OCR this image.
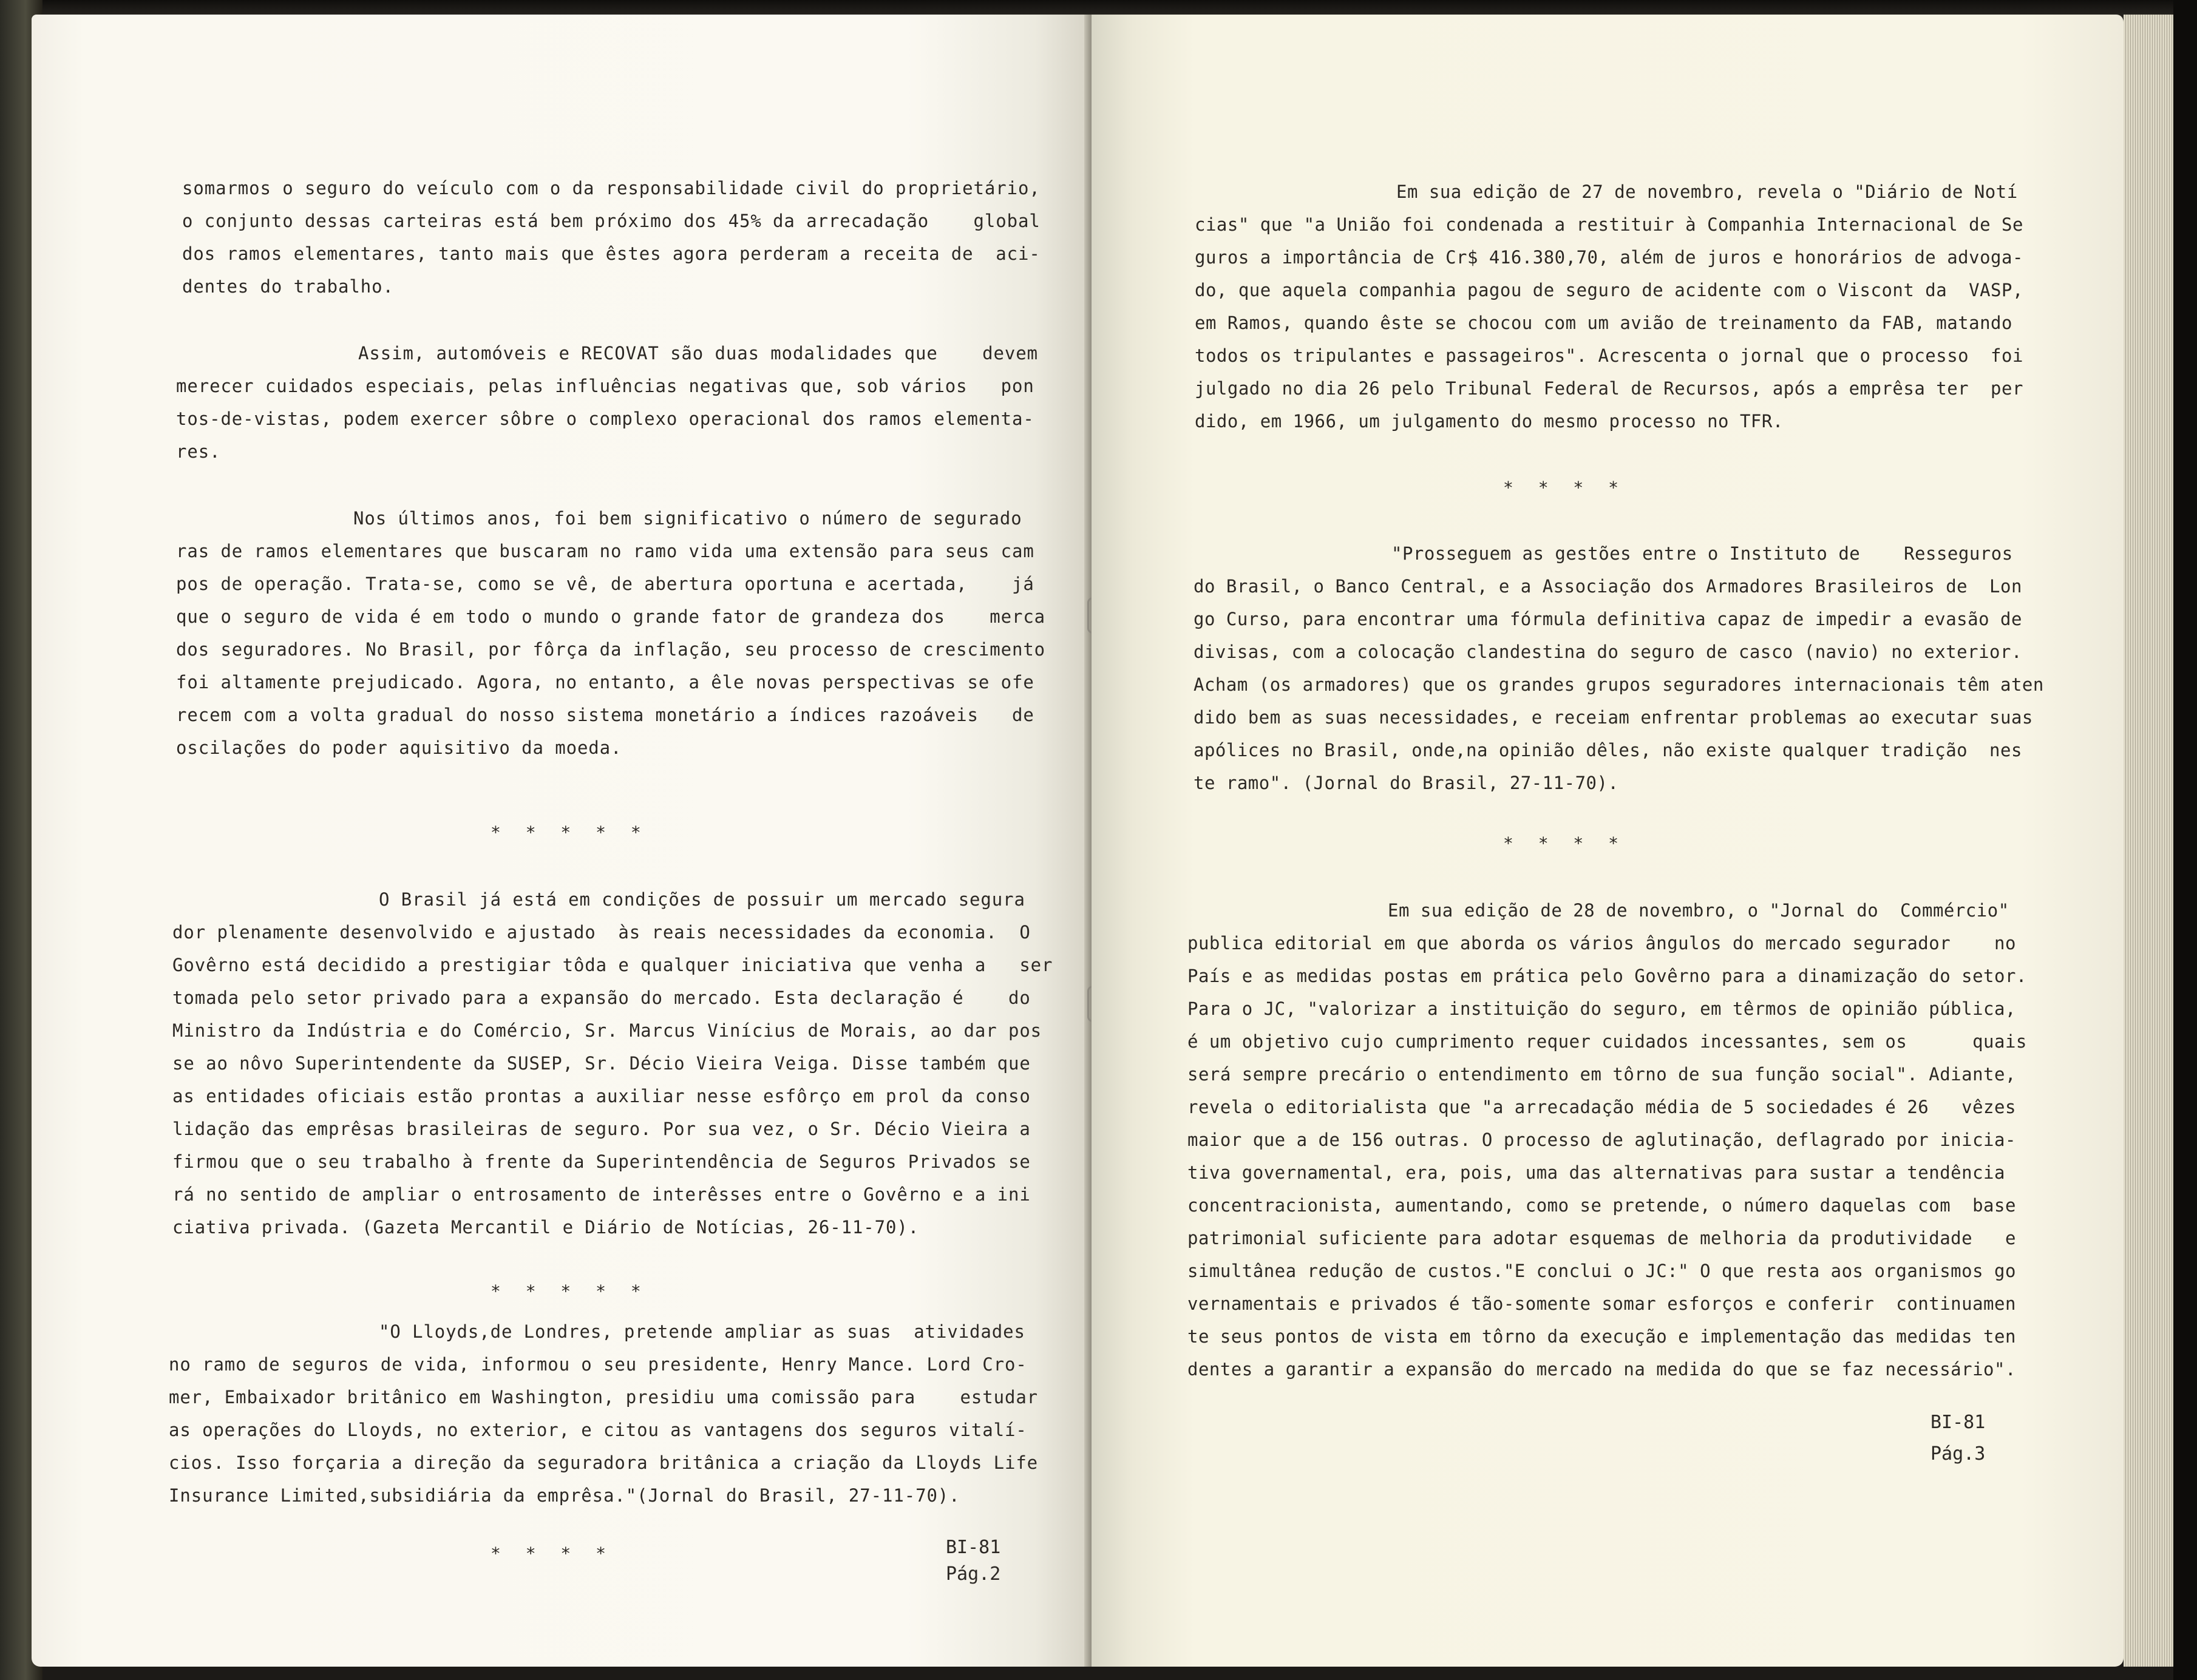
somarmos o seguro do veículo com o da responsabilidade civil do proprietário,

o conjunto dessas carteiras está bem próximo dos 45% da arrecadação    global

dos ramos elementares, tanto mais que êstes agora perderam a receita de  aci-

dentes do trabalho.

Assim, automóveis e RECOVAT são duas modalidades que    devem

merecer cuidados especiais, pelas influências negativas que, sob vários   pon

tos-de-vistas, podem exercer sôbre o complexo operacional dos ramos elementa-

res.

Nos últimos anos, foi bem significativo o número de segurado

ras de ramos elementares que buscaram no ramo vida uma extensão para seus cam

pos de operação. Trata-se, como se vê, de abertura oportuna e acertada,    já

que o seguro de vida é em todo o mundo o grande fator de grandeza dos    merca

dos seguradores. No Brasil, por fôrça da inflação, seu processo de crescimento

foi altamente prejudicado. Agora, no entanto, a êle novas perspectivas se ofe

recem com a volta gradual do nosso sistema monetário a índices razoáveis   de

oscilações do poder aquisitivo da moeda.

* * * * *

O Brasil já está em condições de possuir um mercado segura

dor plenamente desenvolvido e ajustado  às reais necessidades da economia.  O

Govêrno está decidido a prestigiar tôda e qualquer iniciativa que venha a   ser

tomada pelo setor privado para a expansão do mercado. Esta declaração é    do

Ministro da Indústria e do Comércio, Sr. Marcus Vinícius de Morais, ao dar pos

se ao nôvo Superintendente da SUSEP, Sr. Décio Vieira Veiga. Disse também que

as entidades oficiais estão prontas a auxiliar nesse esfôrço em prol da conso

lidação das emprêsas brasileiras de seguro. Por sua vez, o Sr. Décio Vieira a

firmou que o seu trabalho à frente da Superintendência de Seguros Privados se

rá no sentido de ampliar o entrosamento de interêsses entre o Govêrno e a ini

ciativa privada. (Gazeta Mercantil e Diário de Notícias, 26-11-70).

* * * * *

"O Lloyds,de Londres, pretende ampliar as suas  atividades

no ramo de seguros de vida, informou o seu presidente, Henry Mance. Lord Cro-

mer, Embaixador britânico em Washington, presidiu uma comissão para    estudar

as operações do Lloyds, no exterior, e citou as vantagens dos seguros vitalí-

cios. Isso forçaria a direção da seguradora britânica a criação da Lloyds Life

Insurance Limited,subsidiária da emprêsa."(Jornal do Brasil, 27-11-70).

* * * *	BI-81

Pág.2

Em sua edição de 27 de novembro, revela o "Diário de Notí

cias" que "a União foi condenada a restituir à Companhia Internacional de Se

guros a importância de Cr$ 416.380,70, além de juros e honorários de advoga-

do, que aquela companhia pagou de seguro de acidente com o Viscont da  VASP,

em Ramos, quando êste se chocou com um avião de treinamento da FAB, matando

todos os tripulantes e passageiros". Acrescenta o jornal que o processo  foi

julgado no dia 26 pelo Tribunal Federal de Recursos, após a emprêsa ter  per

dido, em 1966, um julgamento do mesmo processo no TFR.

* * * *

"Prosseguem as gestões entre o Instituto de    Resseguros

do Brasil, o Banco Central, e a Associação dos Armadores Brasileiros de  Lon

go Curso, para encontrar uma fórmula definitiva capaz de impedir a evasão de

divisas, com a colocação clandestina do seguro de casco (navio) no exterior.

Acham (os armadores) que os grandes grupos seguradores internacionais têm aten

dido bem as suas necessidades, e receiam enfrentar problemas ao executar suas

apólices no Brasil, onde,na opinião dêles, não existe qualquer tradição  nes

te ramo". (Jornal do Brasil, 27-11-70).

* * * *

Em sua edição de 28 de novembro, o "Jornal do  Commércio"

publica editorial em que aborda os vários ângulos do mercado segurador    no

País e as medidas postas em prática pelo Govêrno para a dinamização do setor.

Para o JC, "valorizar a instituição do seguro, em têrmos de opinião pública,

é um objetivo cujo cumprimento requer cuidados incessantes, sem os      quais

será sempre precário o entendimento em tôrno de sua função social". Adiante,

revela o editorialista que "a arrecadação média de 5 sociedades é 26   vêzes

maior que a de 156 outras. O processo de aglutinação, deflagrado por inicia-

tiva governamental, era, pois, uma das alternativas para sustar a tendência

concentracionista, aumentando, como se pretende, o número daquelas com  base

patrimonial suficiente para adotar esquemas de melhoria da produtividade   e

simultânea redução de custos."E conclui o JC:" O que resta aos organismos go

vernamentais e privados é tão-somente somar esforços e conferir  continuamen

te seus pontos de vista em tôrno da execução e implementação das medidas ten

dentes a garantir a expansão do mercado na medida do que se faz necessário".

BI-81

Pág.3
